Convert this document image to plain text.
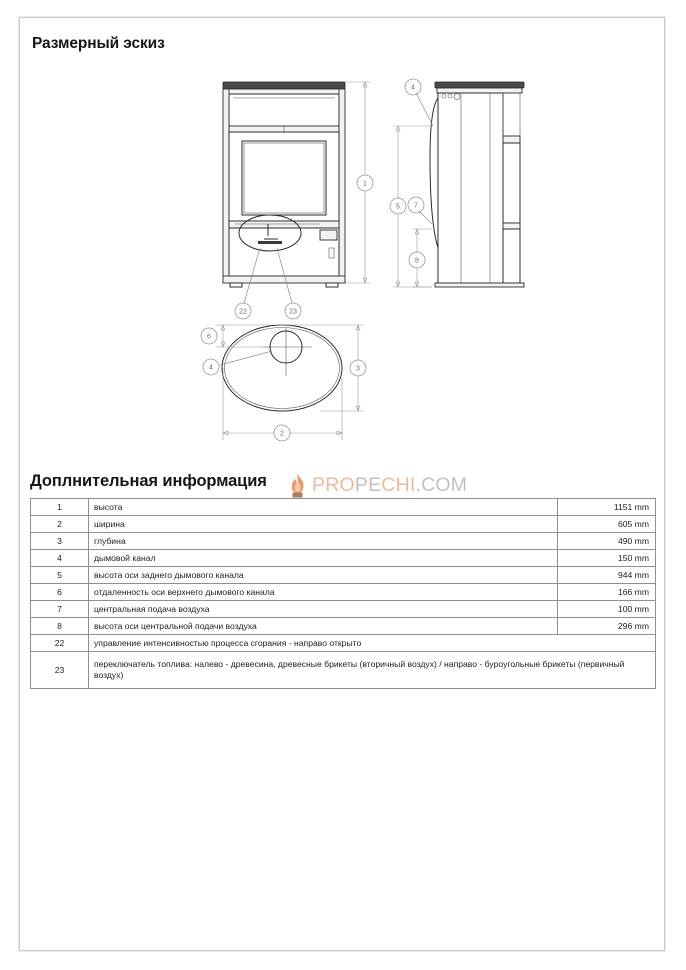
Размерный эскиз
22	23
1
4
5 7
8
6
4	3
2
Доплнительная информация PROPECHI.COM
1	высота	1151 mm
2	ширина	605 mm
3	глубина	490 mm
4	дымовой канал	150 mm
5	высота оси заднего дымового канала	944 mm
6	отдаленность оси верхнего дымового канала	166 mm
7	центральная подача воздуха	100 mm
8	высота оси центральной подачи воздуха	296 mm
22	управление интенсивностью процесса сгорания - направо открыто	
23	переключатель топлива: налево - древесина, древесные брикеты (вторичный воздух) / направо - буроугольные брикеты (первичный воздух)	
